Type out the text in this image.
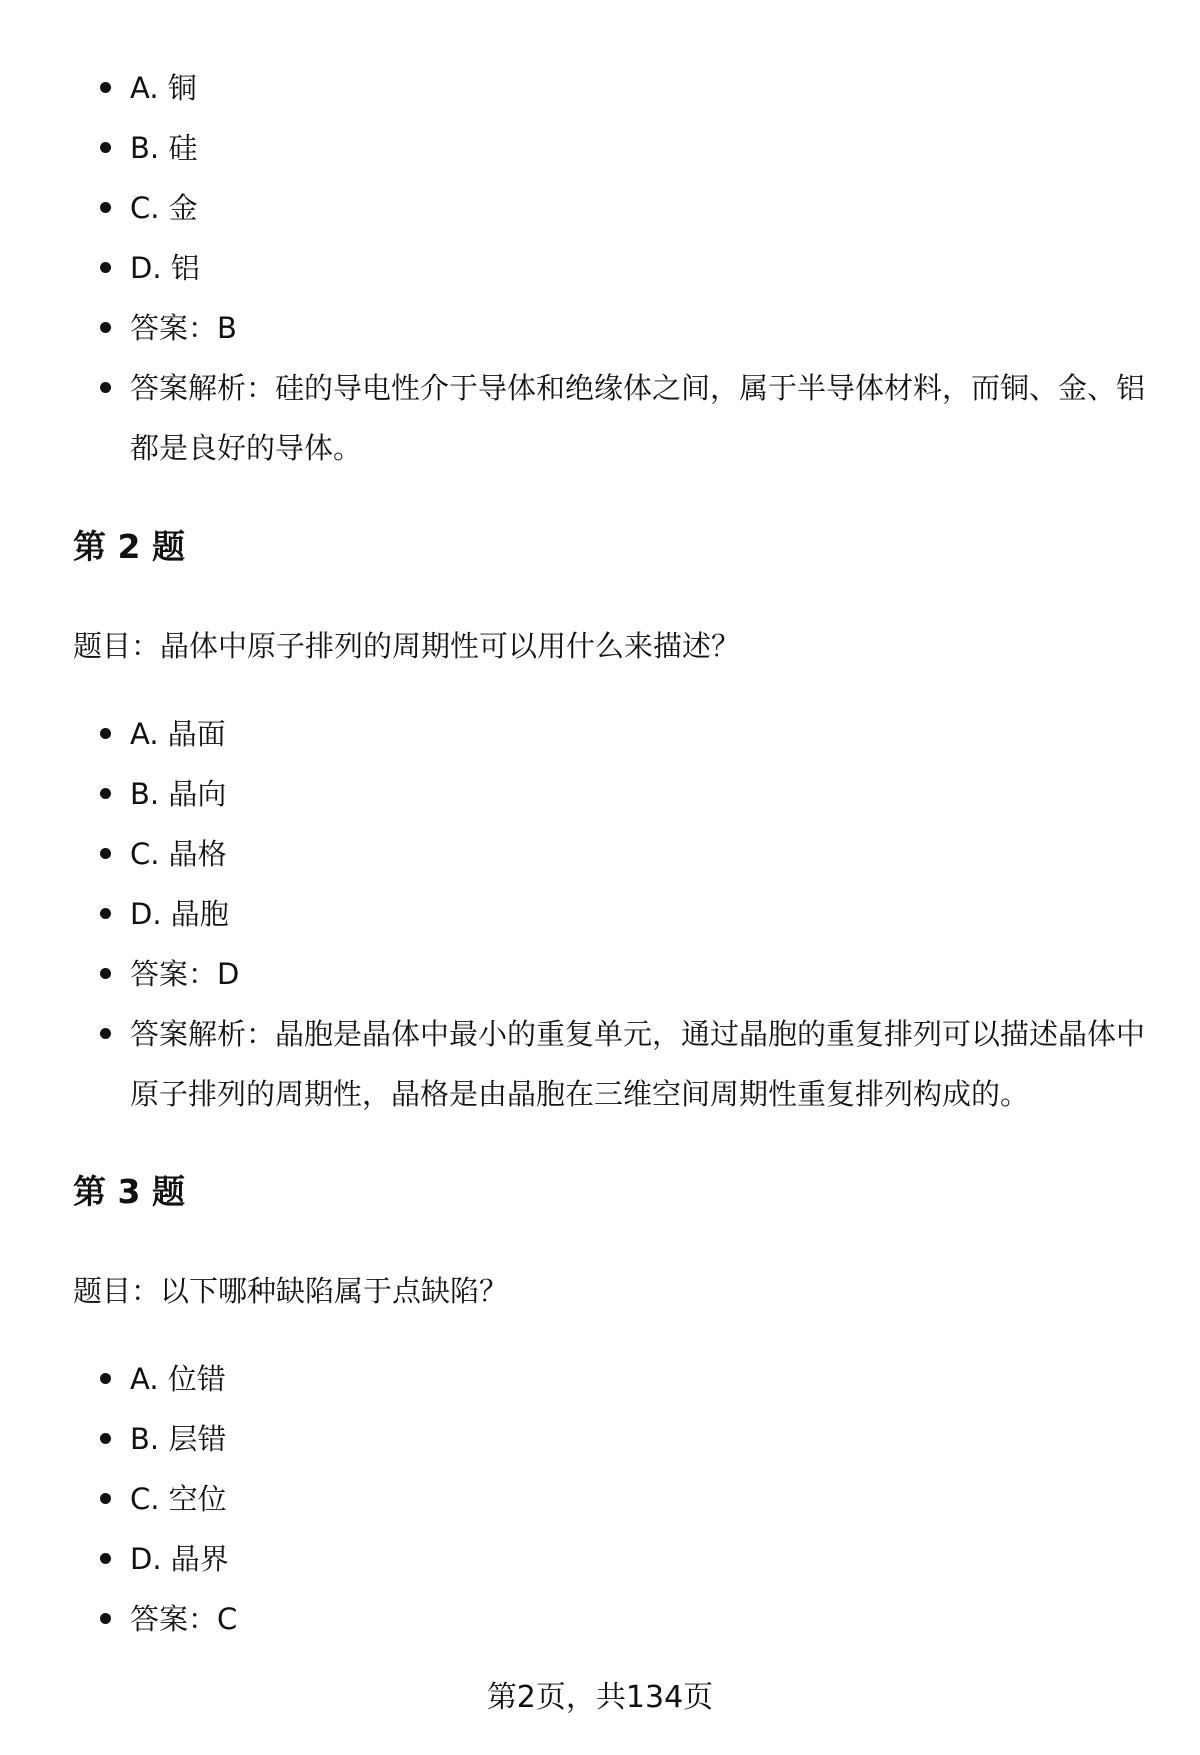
A. 铜
B. 硅
C. 金
D. 铝
答案：B
答案解析：硅的导电性介于导体和绝缘体之间，属于半导体材料，而铜、金、铝都是良好的导体。
第 2 题
题目：晶体中原子排列的周期性可以用什么来描述？
A. 晶面
B. 晶向
C. 晶格
D. 晶胞
答案：D
答案解析：晶胞是晶体中最小的重复单元，通过晶胞的重复排列可以描述晶体中原子排列的周期性，晶格是由晶胞在三维空间周期性重复排列构成的。
第 3 题
题目：以下哪种缺陷属于点缺陷？
A. 位错
B. 层错
C. 空位
D. 晶界
答案：C
第2页，共134页
